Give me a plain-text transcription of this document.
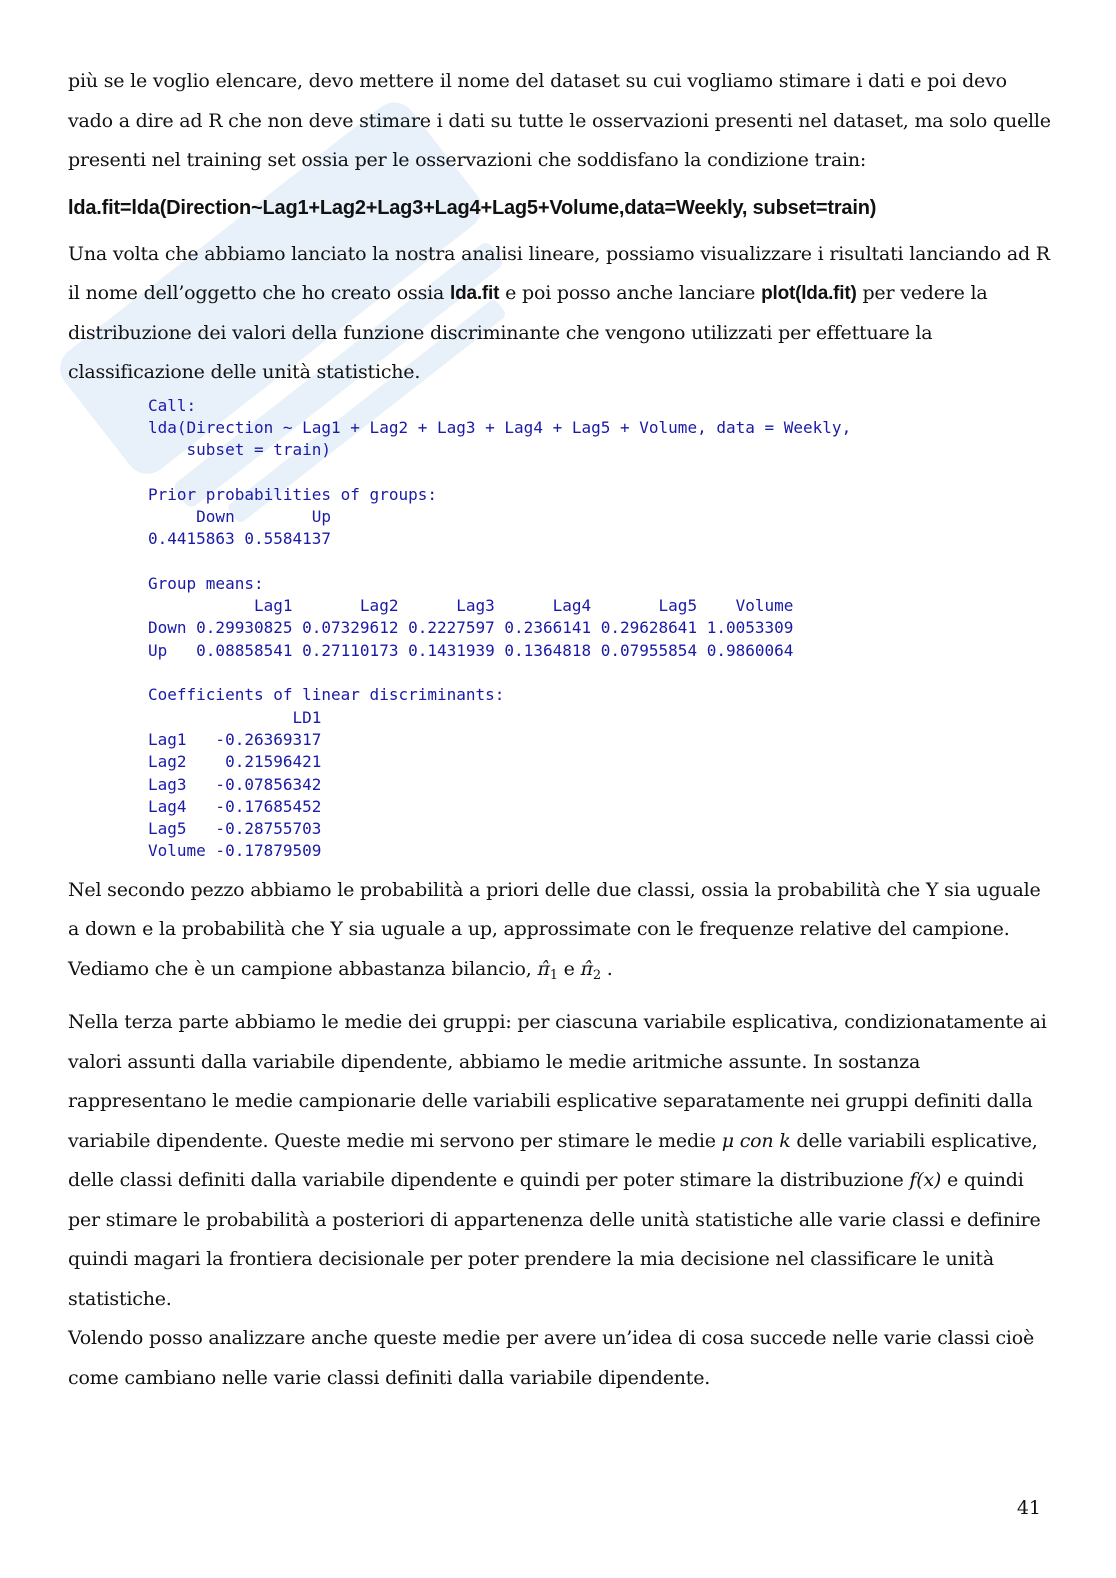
più se le voglio elencare, devo mettere il nome del dataset su cui vogliamo stimare i dati e poi devo vado a dire ad R che non deve stimare i dati su tutte le osservazioni presenti nel dataset, ma solo quelle presenti nel training set ossia per le osservazioni che soddisfano la condizione train:

lda.fit=lda(Direction~Lag1+Lag2+Lag3+Lag4+Lag5+Volume,data=Weekly, subset=train)

Una volta che abbiamo lanciato la nostra analisi lineare, possiamo visualizzare i risultati lanciando ad R il nome dell’oggetto che ho creato ossia lda.fit e poi posso anche lanciare plot(lda.fit) per vedere la distribuzione dei valori della funzione discriminante che vengono utilizzati per effettuare la classificazione delle unità statistiche.

Call:
lda(Direction ~ Lag1 + Lag2 + Lag3 + Lag4 + Lag5 + Volume, data = Weekly,
subset = train)

Prior probabilities of groups:
Down        Up
0.4415863 0.5584137

Group means:
Lag1       Lag2      Lag3      Lag4       Lag5    Volume
Down 0.29930825 0.07329612 0.2227597 0.2366141 0.29628641 1.0053309
Up   0.08858541 0.27110173 0.1431939 0.1364818 0.07955854 0.9860064

Coefficients of linear discriminants:
LD1
Lag1   -0.26369317
Lag2    0.21596421
Lag3   -0.07856342
Lag4   -0.17685452
Lag5   -0.28755703
Volume -0.17879509

Nel secondo pezzo abbiamo le probabilità a priori delle due classi, ossia la probabilità che Y sia uguale a down e la probabilità che Y sia uguale a up, approssimate con le frequenze relative del campione. Vediamo che è un campione abbastanza bilancio, $\pî_1$ e $\pî_2$ .

Nella terza parte abbiamo le medie dei gruppi: per ciascuna variabile esplicativa, condizionatamente ai valori assunti dalla variabile dipendente, abbiamo le medie aritmiche assunte. In sostanza rappresentano le medie campionarie delle variabili esplicative separatamente nei gruppi definiti dalla variabile dipendente. Queste medie mi servono per stimare le medie μ con k delle variabili esplicative, delle classi definiti dalla variabile dipendente e quindi per poter stimare la distribuzione f(x) e quindi per stimare le probabilità a posteriori di appartenenza delle unità statistiche alle varie classi e definire quindi magari la frontiera decisionale per poter prendere la mia decisione nel classificare le unità statistiche.

Volendo posso analizzare anche queste medie per avere un’idea di cosa succede nelle varie classi cioè come cambiano nelle varie classi definiti dalla variabile dipendente.

41
